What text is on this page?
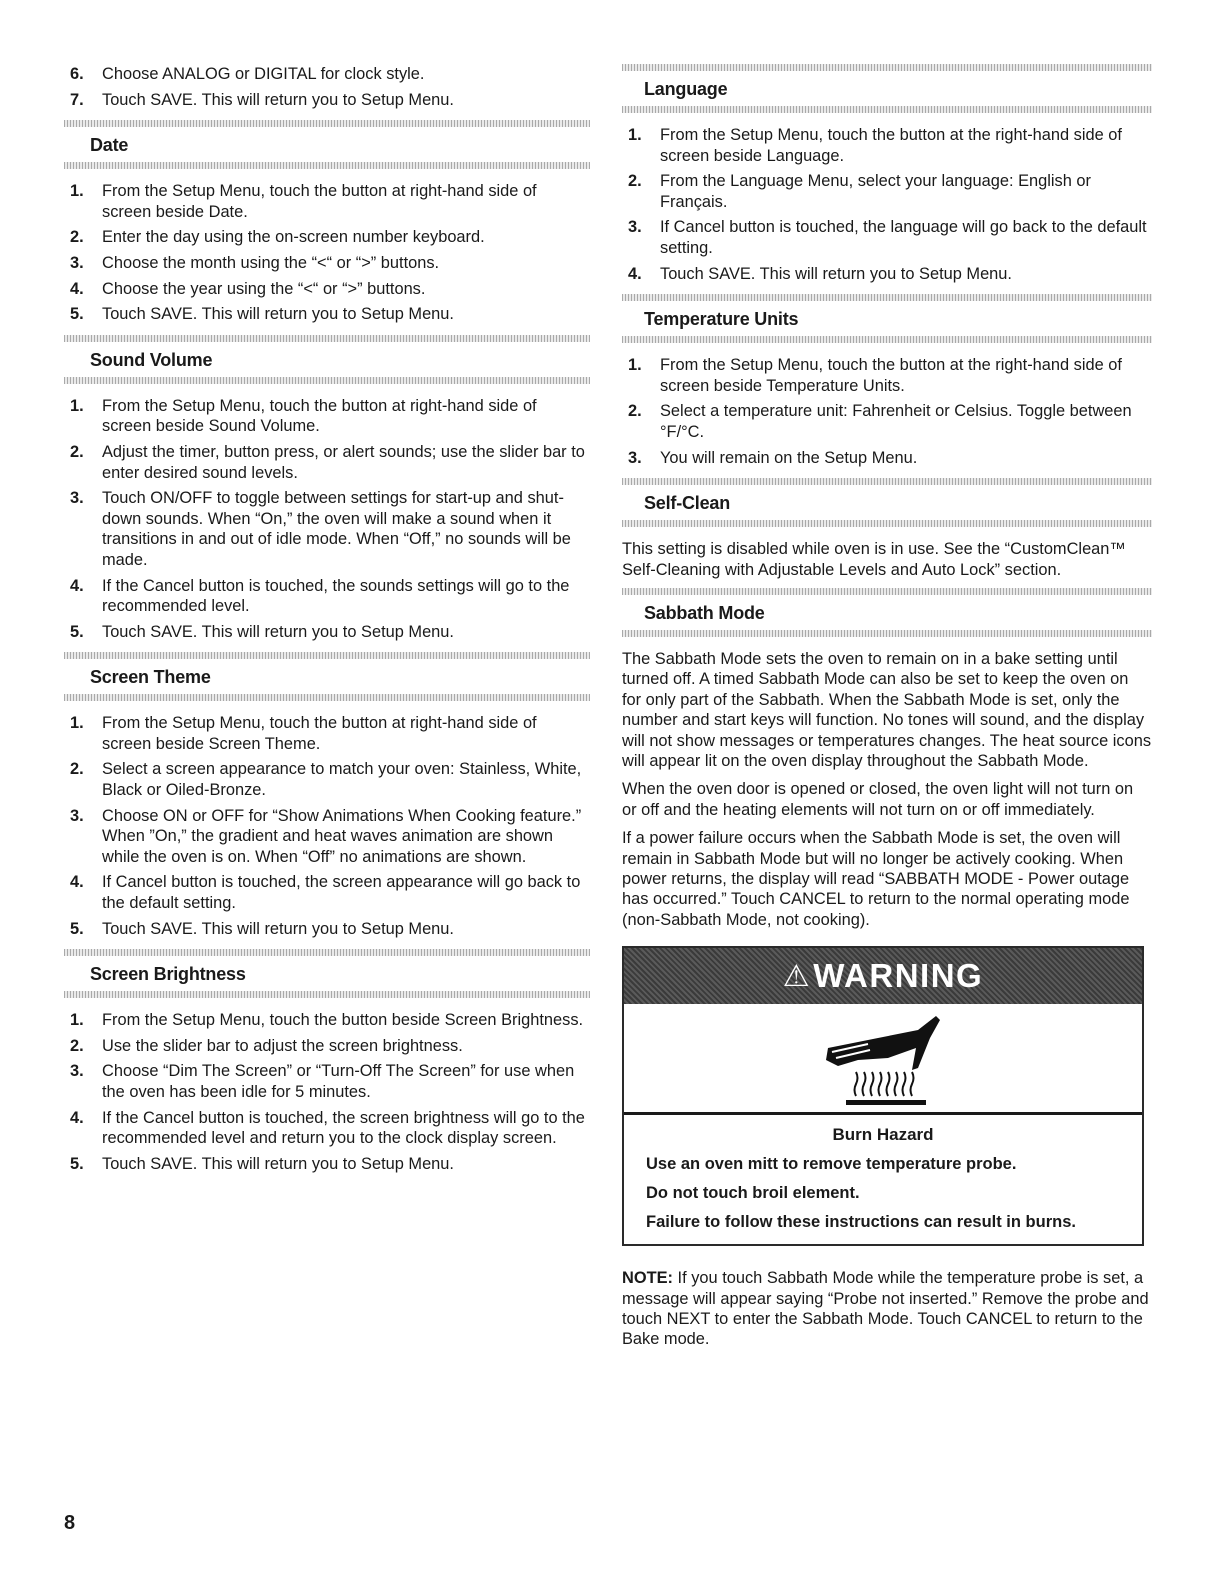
6. Choose ANALOG or DIGITAL for clock style.
7. Touch SAVE. This will return you to Setup Menu.
Date
1. From the Setup Menu, touch the button at right-hand side of screen beside Date.
2. Enter the day using the on-screen number keyboard.
3. Choose the month using the “<“ or “>” buttons.
4. Choose the year using the “<“ or “>” buttons.
5. Touch SAVE. This will return you to Setup Menu.
Sound Volume
1. From the Setup Menu, touch the button at right-hand side of screen beside Sound Volume.
2. Adjust the timer, button press, or alert sounds; use the slider bar to enter desired sound levels.
3. Touch ON/OFF to toggle between settings for start-up and shut-down sounds. When “On,” the oven will make a sound when it transitions in and out of idle mode. When “Off,” no sounds will be made.
4. If the Cancel button is touched, the sounds settings will go to the recommended level.
5. Touch SAVE. This will return you to Setup Menu.
Screen Theme
1. From the Setup Menu, touch the button at right-hand side of screen beside Screen Theme.
2. Select a screen appearance to match your oven: Stainless, White, Black or Oiled-Bronze.
3. Choose ON or OFF for “Show Animations When Cooking feature.” When ”On,” the gradient and heat waves animation are shown while the oven is on. When “Off” no animations are shown.
4. If Cancel button is touched, the screen appearance will go back to the default setting.
5. Touch SAVE. This will return you to Setup Menu.
Screen Brightness
1. From the Setup Menu, touch the button beside Screen Brightness.
2. Use the slider bar to adjust the screen brightness.
3. Choose “Dim The Screen” or “Turn-Off The Screen” for use when the oven has been idle for 5 minutes.
4. If the Cancel button is touched, the screen brightness will go to the recommended level and return you to the clock display screen.
5. Touch SAVE. This will return you to Setup Menu.
Language
1. From the Setup Menu, touch the button at the right-hand side of screen beside Language.
2. From the Language Menu, select your language: English or Français.
3. If Cancel button is touched, the language will go back to the default setting.
4. Touch SAVE. This will return you to Setup Menu.
Temperature Units
1. From the Setup Menu, touch the button at the right-hand side of screen beside Temperature Units.
2. Select a temperature unit: Fahrenheit or Celsius. Toggle between °F/°C.
3. You will remain on the Setup Menu.
Self-Clean

This setting is disabled while oven is in use. See the “CustomClean™ Self-Cleaning with Adjustable Levels and Auto Lock” section.

Sabbath Mode

The Sabbath Mode sets the oven to remain on in a bake setting until turned off. A timed Sabbath Mode can also be set to keep the oven on for only part of the Sabbath. When the Sabbath Mode is set, only the number and start keys will function. No tones will sound, and the display will not show messages or temperatures changes. The heat source icons will appear lit on the oven display throughout the Sabbath Mode.

When the oven door is opened or closed, the oven light will not turn on or off and the heating elements will not turn on or off immediately.

If a power failure occurs when the Sabbath Mode is set, the oven will remain in Sabbath Mode but will no longer be actively cooking. When power returns, the display will read “SABBATH MODE - Power outage has occurred.” Touch CANCEL to return to the normal operating mode (non-Sabbath Mode, not cooking).

⚠ WARNING

Burn Hazard

Use an oven mitt to remove temperature probe.

Do not touch broil element.

Failure to follow these instructions can result in burns.

NOTE: If you touch Sabbath Mode while the temperature probe is set, a message will appear saying “Probe not inserted.” Remove the probe and touch NEXT to enter the Sabbath Mode. Touch CANCEL to return to the Bake mode.

8
